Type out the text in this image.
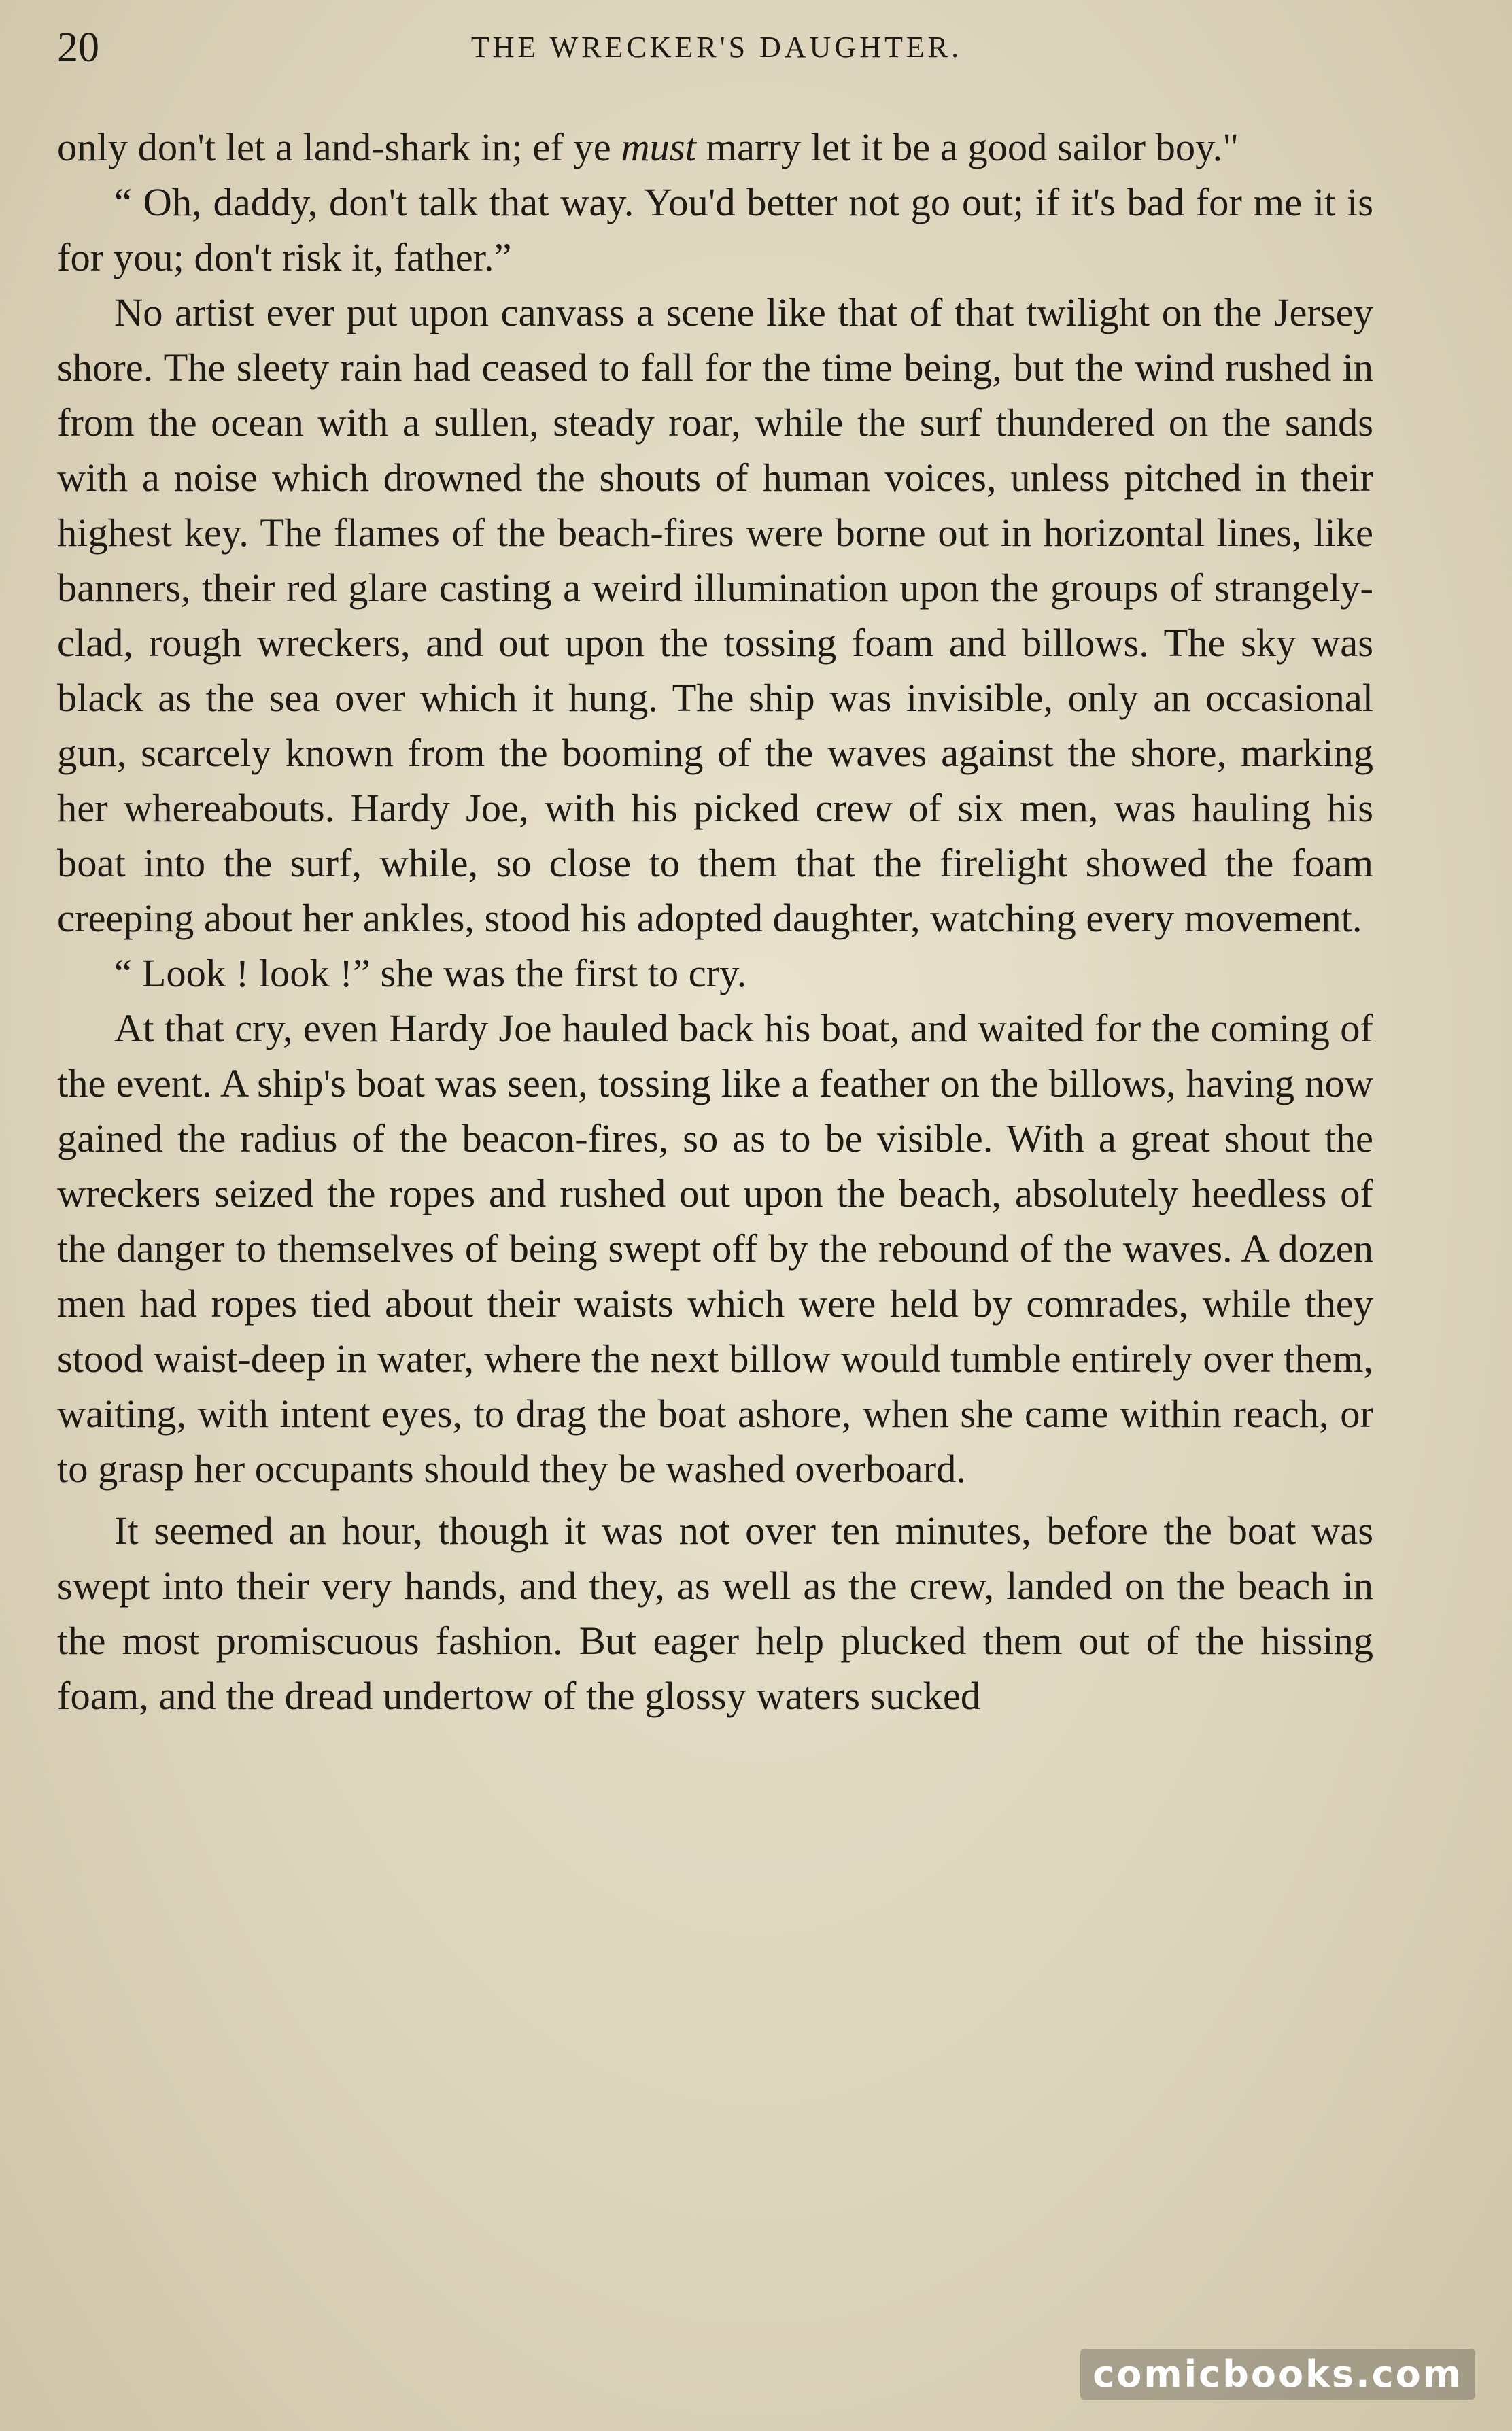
20	THE WRECKER'S DAUGHTER.

only don't let a land-shark in; ef ye must marry let it be a good sailor boy."

“ Oh, daddy, don't talk that way. You'd better not go out; if it's bad for me it is for you; don't risk it, father.”

No artist ever put upon canvass a scene like that of that twilight on the Jersey shore. The sleety rain had ceased to fall for the time being, but the wind rushed in from the ocean with a sullen, steady roar, while the surf thundered on the sands with a noise which drowned the shouts of human voices, unless pitched in their highest key. The flames of the beach-fires were borne out in horizontal lines, like banners, their red glare casting a weird illumination upon the groups of strangely-clad, rough wreckers, and out upon the tossing foam and billows. The sky was black as the sea over which it hung. The ship was invisible, only an occasional gun, scarcely known from the booming of the waves against the shore, marking her whereabouts. Hardy Joe, with his picked crew of six men, was hauling his boat into the surf, while, so close to them that the firelight showed the foam creeping about her ankles, stood his adopted daughter, watching every movement.

“ Look ! look !” she was the first to cry.

At that cry, even Hardy Joe hauled back his boat, and waited for the coming of the event. A ship's boat was seen, tossing like a feather on the billows, having now gained the radius of the beacon-fires, so as to be visible. With a great shout the wreckers seized the ropes and rushed out upon the beach, absolutely heedless of the danger to themselves of being swept off by the rebound of the waves. A dozen men had ropes tied about their waists which were held by comrades, while they stood waist-deep in water, where the next billow would tumble entirely over them, waiting, with intent eyes, to drag the boat ashore, when she came within reach, or to grasp her occupants should they be washed overboard.

It seemed an hour, though it was not over ten minutes, before the boat was swept into their very hands, and they, as well as the crew, landed on the beach in the most promiscuous fashion. But eager help plucked them out of the hissing foam, and the dread undertow of the glossy waters sucked

comicbooks.com
